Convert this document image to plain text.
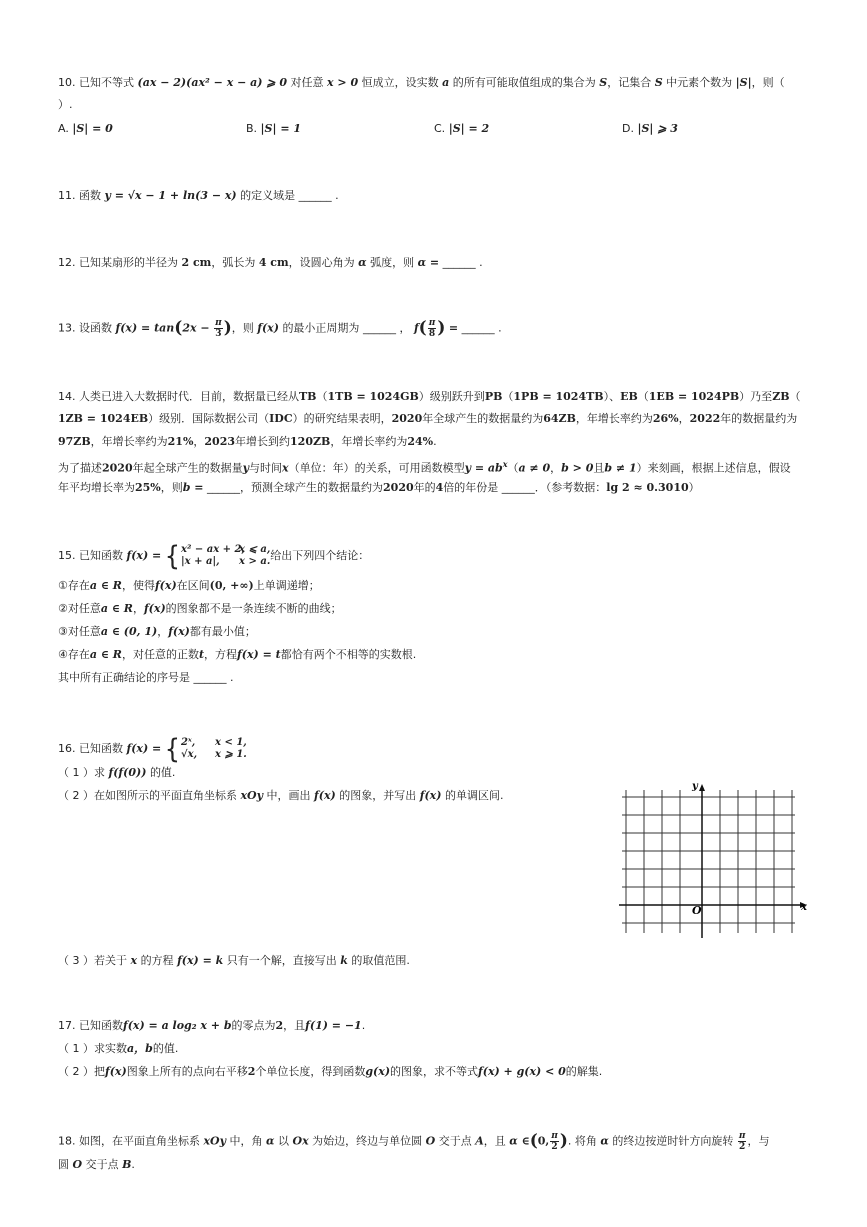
10. 已知不等式 (ax − 2)(ax² − x − a) ⩾ 0 对任意 x > 0 恒成立，设实数 a 的所有可能取值组成的集合为 S，记集合 S 中元素个数为 |S|，则（
）.
A. |S| = 0	B. |S| = 1	C. |S| = 2	D. |S| ⩾ 3
11. 函数 y = √x − 1 + ln(3 − x) 的定义域是 ______ .
12. 已知某扇形的半径为 2 cm，弧长为 4 cm，设圆心角为 α 弧度，则 α = ______ .
13. 设函数 $f(x) = \tan(2x - \frac{\pi}{3}$ )，则 f(x) 的最小正周期为 ______ ， $f( \frac{\pi}{8}$ ) = ______ .
14. 人类已进入大数据时代．目前，数据量已经从TB（1TB = 1024GB）级别跃升到PB（1PB = 1024TB）、EB（1EB = 1024PB）乃至ZB（
1ZB = 1024EB）级别．国际数据公司（IDC）的研究结果表明，2020年全球产生的数据量约为64ZB，年增长率约为26%，2022年的数据量约为
97ZB，年增长率约为21%，2023年增长到约120ZB，年增长率约为24%.
为了描述2020年起全球产生的数据量y与时间x（单位：年）的关系，可用函数模型$y = ab^x(a \ne 0$，b > 0且b ≠ 1）来刻画，根据上述信息，假设
年平均增长率为25%，则b = ______，预测全球产生的数据量约为2020年的4倍的年份是 ______．（参考数据：lg 2 ≈ 0.3010）
15. 已知函数 f(x) = { x² − ax + 2,x ⩽ a,
|x + a|, x > a. 给出下列四个结论：
①存在a ∈ R，使得f(x)在区间(0, +∞)上单调递增；
②对任意a ∈ R，f(x)的图象都不是一条连续不断的曲线；
③对任意a ∈ (0, 1)，f(x)都有最小值；
④存在a ∈ R，对任意的正数t，方程f(x) = t都恰有两个不相等的实数根.
其中所有正确结论的序号是 ______ .
16. 已知函数 f(x) = { 2ˣ, x < 1,
√x, x ⩾ 1.
（ 1 ）求 f(f(0)) 的值.
（ 2 ）在如图所示的平面直角坐标系 xOy 中，画出 f(x) 的图象，并写出 f(x) 的单调区间.
y
x
O
（ 3 ）若关于 x 的方程 f(x) = k 只有一个解，直接写出 k 的取值范围.
17. 已知函数f(x) = a log₂ x + b的零点为2，且f(1) = −1.
（ 1 ）求实数a，b的值.
（ 2 ）把f(x)图象上所有的点向右平移2个单位长度，得到函数g(x)的图象，求不等式f(x) + g(x) < 0的解集.
18. 如图，在平面直角坐标系 xOy 中，角 α 以 Ox 为始边，终边与单位圆 O 交于点 A，且 α ∈(0, $\frac{\pi}{2}$ ). 将角 α 的终边按逆时针方向旋转 $\frac{\pi}{2}$ ，与
圆 O 交于点 B.
